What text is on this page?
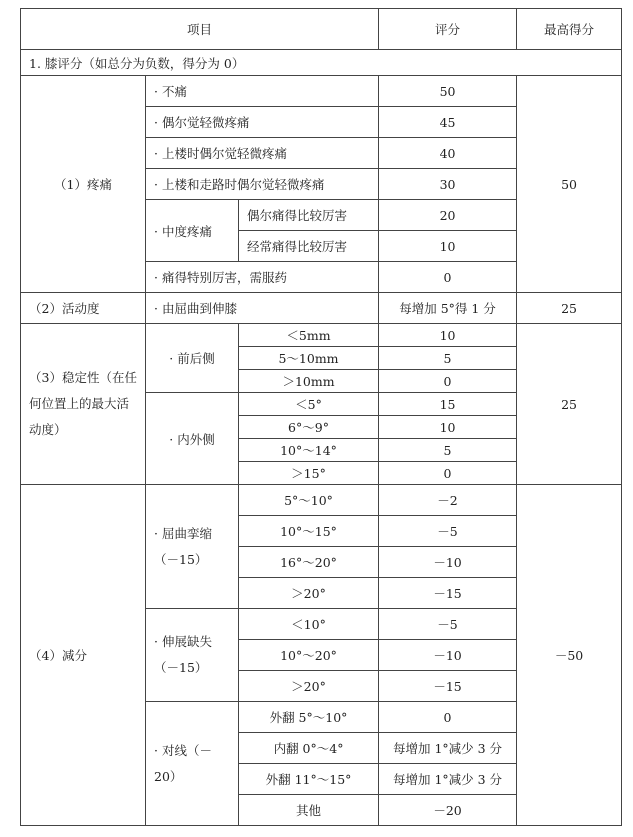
项目			评分	最高得分
1. 膝评分（如总分为负数，得分为 0）				
（1）疼痛	· 不痛		50	50
	· 偶尔觉轻微疼痛		45	
	· 上楼时偶尔觉轻微疼痛		40	
	· 上楼和走路时偶尔觉轻微疼痛		30	
	· 中度疼痛	偶尔痛得比较厉害	20	
		经常痛得比较厉害	10	
	· 痛得特别厉害，需服药		0	
（2）活动度	· 由屈曲到伸膝		每增加 5°得 1 分	25
（3）稳定性（在任何位置上的最大活动度）	· 前后侧	＜5mm	10	25
		5～10mm	5	
		＞10mm	0	
	· 内外侧	＜5°	15	
		6°～9°	10	
		10°～14°	5	
		＞15°	0	
（4）减分	· 屈曲挛缩（－15）	5°～10°	－2	－50
		10°～15°	－5	
		16°～20°	－10	
		＞20°	－15	
	· 伸展缺失（－15）	＜10°	－5	
		10°～20°	－10	
		＞20°	－15	
	· 对线（－20）	外翻 5°～10°	0	
		内翻 0°～4°	每增加 1°减少 3 分	
		外翻 11°～15°	每增加 1°减少 3 分	
		其他	－20	
